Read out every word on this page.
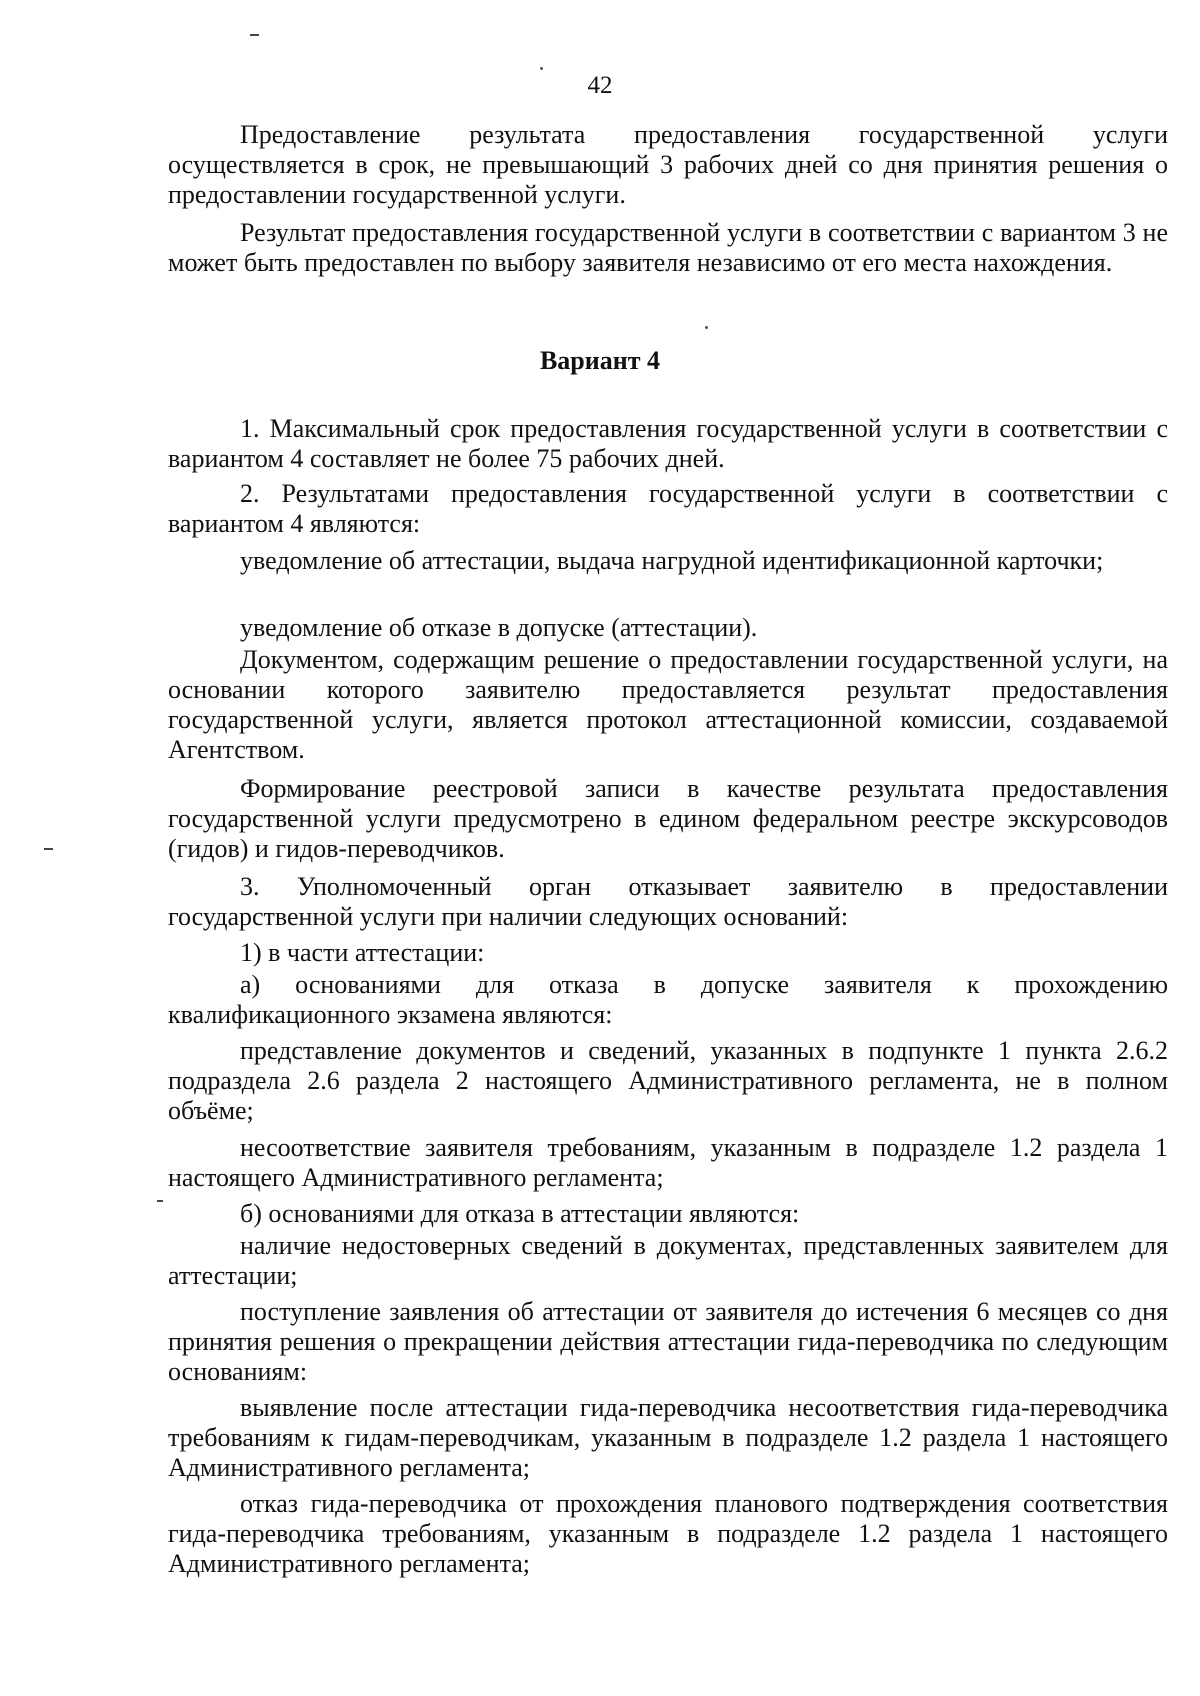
42

Предоставление результата предоставления государственной услуги осуществляется в срок, не превышающий 3 рабочих дней со дня принятия решения о предоставлении государственной услуги.

Результат предоставления государственной услуги в соответствии с вариантом 3 не может быть предоставлен по выбору заявителя независимо от его места нахождения.

Вариант 4

1. Максимальный срок предоставления государственной услуги в соответствии с вариантом 4 составляет не более 75 рабочих дней.

2. Результатами предоставления государственной услуги в соответствии с вариантом 4 являются:

уведомление об аттестации, выдача нагрудной идентификационной карточки;

уведомление об отказе в допуске (аттестации).

Документом, содержащим решение о предоставлении государственной услуги, на основании которого заявителю предоставляется результат предоставления государственной услуги, является протокол аттестационной комиссии, создаваемой Агентством.

Формирование реестровой записи в качестве результата предоставления государственной услуги предусмотрено в едином федеральном реестре экскурсоводов (гидов) и гидов-переводчиков.

3. Уполномоченный орган отказывает заявителю в предоставлении государственной услуги при наличии следующих оснований:

1) в части аттестации:

а) основаниями для отказа в допуске заявителя к прохождению квалификационного экзамена являются:

представление документов и сведений, указанных в подпункте 1 пункта 2.6.2 подраздела 2.6 раздела 2 настоящего Административного регламента, не в полном объёме;

несоответствие заявителя требованиям, указанным в подразделе 1.2 раздела 1 настоящего Административного регламента;

б) основаниями для отказа в аттестации являются:

наличие недостоверных сведений в документах, представленных заявителем для аттестации;

поступление заявления об аттестации от заявителя до истечения 6 месяцев со дня принятия решения о прекращении действия аттестации гида-переводчика по следующим основаниям:

выявление после аттестации гида-переводчика несоответствия гида-переводчика требованиям к гидам-переводчикам, указанным в подразделе 1.2 раздела 1 настоящего Административного регламента;

отказ гида-переводчика от прохождения планового подтверждения соответствия гида-переводчика требованиям, указанным в подразделе 1.2 раздела 1 настоящего Административного регламента;
